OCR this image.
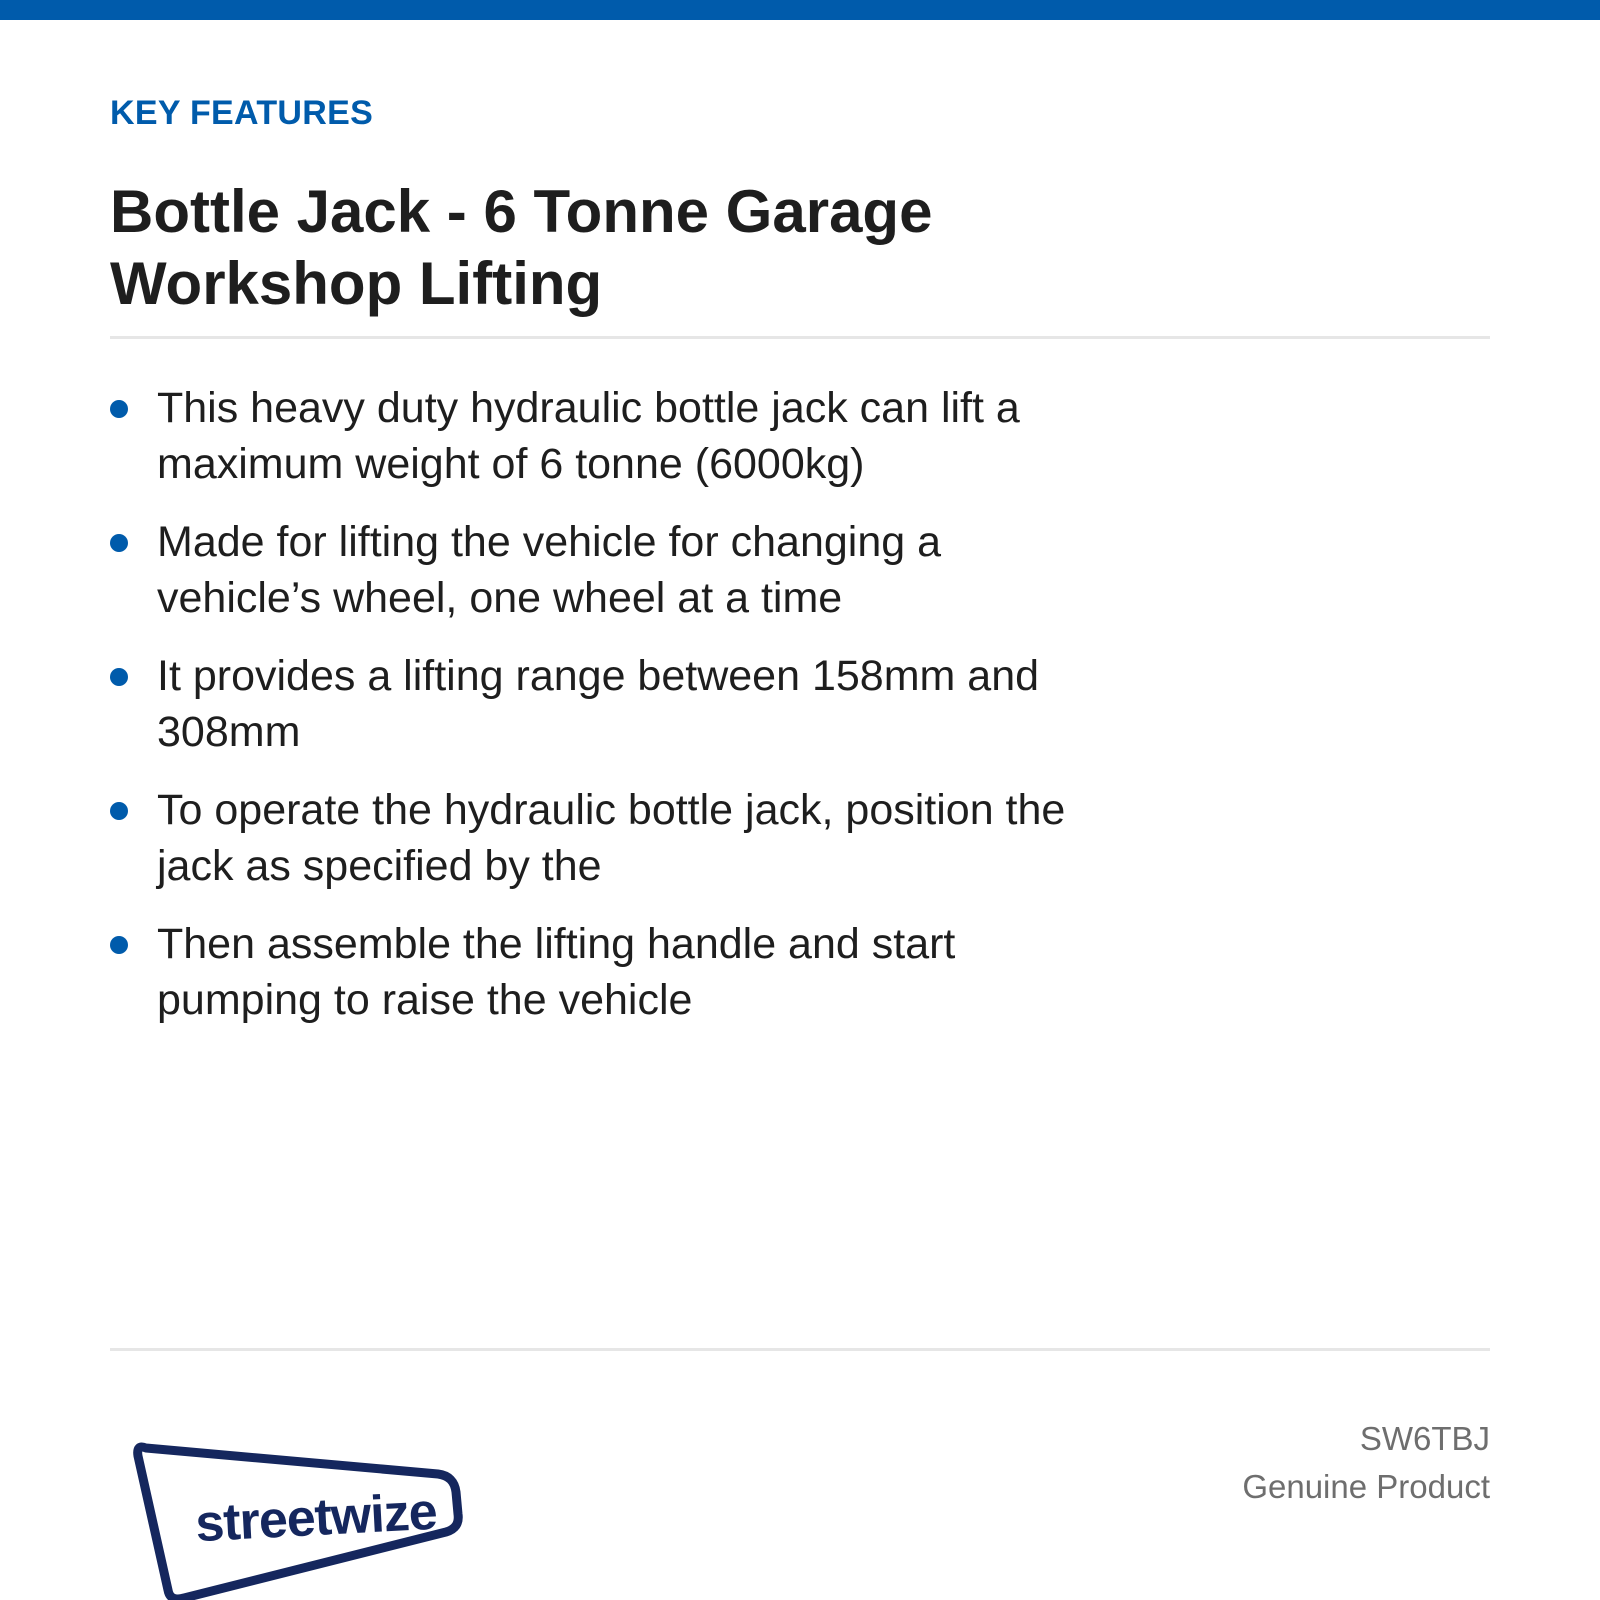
KEY FEATURES
Bottle Jack - 6 Tonne Garage Workshop Lifting
This heavy duty hydraulic bottle jack can lift a maximum weight of 6 tonne (6000kg)
Made for lifting the vehicle for changing a vehicle’s wheel, one wheel at a time
It provides a lifting range between 158mm and 308mm
To operate the hydraulic bottle jack, position the jack as specified by the
Then assemble the lifting handle and start pumping to raise the vehicle
streetwize
SW6TBJ
Genuine Product
